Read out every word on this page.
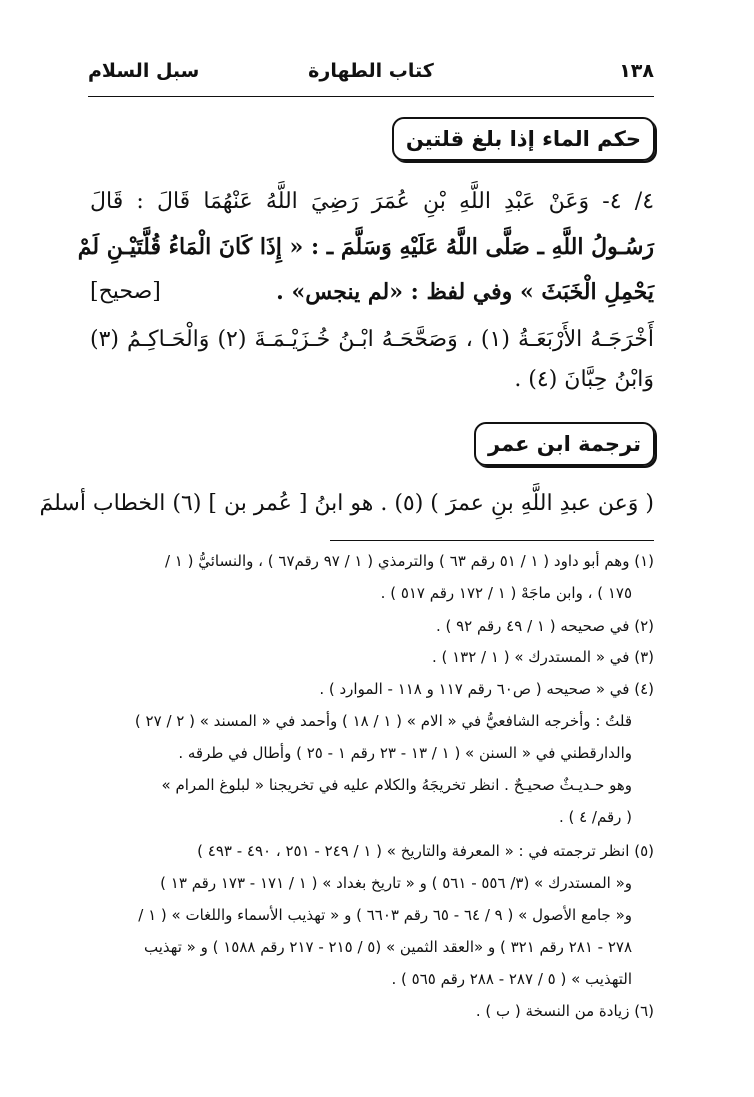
١٣٨
كتاب الطهارة
سبل السلام
حكم الماء إذا بلغ قلتين
٤/ ٤- وَعَنْ عَبْدِ اللَّهِ بْنِ عُمَرَ رَضِيَ اللَّهُ عَنْهُمَا قَالَ : قَالَ
رَسُـولُ اللَّهِ ـ صَلَّى اللَّهُ عَلَيْهِ وَسَلَّمَ ـ : « إِذَا كَانَ الْمَاءُ قُلَّتَيْـنِ لَمْ
يَحْمِلِ الْخَبَثَ » وفي لفظ : «لم ينجس» .
[صحيح]
أَخْرَجَـهُ الأَرْبَعَـةُ (١) ، وَصَحَّحَـهُ ابْـنُ خُـزَيْـمَـةَ (٢) وَالْحَـاكِـمُ (٣)
وَابْنُ حِبَّانَ (٤) .
ترجمة ابن عمر
( وَعن عبدِ اللَّهِ بنِ عمرَ ) (٥) . هو ابنُ [ عُمر بن ] (٦) الخطاب أسلمَ
(١) وهم أبو داود ( ١ / ٥١ رقم ٦٣ ) والترمذي ( ١ / ٩٧ رقم٦٧ ) ، والنسائيُّ ( ١ /
١٧٥ ) ، وابن ماجَهْ ( ١ / ١٧٢ رقم ٥١٧ ) .
(٢) في صحيحه ( ١ / ٤٩ رقم ٩٢ ) .
(٣) في « المستدرك » ( ١ / ١٣٢ ) .
(٤) في « صحيحه ( ص٦٠ رقم ١١٧ و ١١٨ - الموارد ) .
قلتُ : وأخرجه الشافعيُّ في « الام » ( ١ / ١٨ ) وأحمد في « المسند » ( ٢ / ٢٧ )
والدارقطني في « السنن » ( ١ / ١٣ - ٢٣ رقم ١ - ٢٥ ) وأطال في طرقه .
وهو حـديـثٌ صحيـحٌ . انظر تخريجَهُ والكلام عليه في تخريجنا « لبلوغ المرام »
( رقم/ ٤ ) .
(٥) انظر ترجمته في : « المعرفة والتاريخ » ( ١ / ٢٤٩ - ٢٥١ ، ٤٩٠ - ٤٩٣ )
و« المستدرك » (٣/ ٥٥٦ - ٥٦١ ) و « تاريخ بغداد » ( ١ / ١٧١ - ١٧٣ رقم ١٣ )
و« جامع الأصول » ( ٩ / ٦٤ - ٦٥ رقم ٦٦٠٣ ) و « تهذيب الأسماء واللغات » ( ١ /
٢٧٨ - ٢٨١ رقم ٣٢١ ) و «العقد الثمين » (٥ / ٢١٥ - ٢١٧ رقم ١٥٨٨ ) و « تهذيب
التهذيب » ( ٥ / ٢٨٧ - ٢٨٨ رقم ٥٦٥ ) .
(٦) زيادة من النسخة ( ب ) .
